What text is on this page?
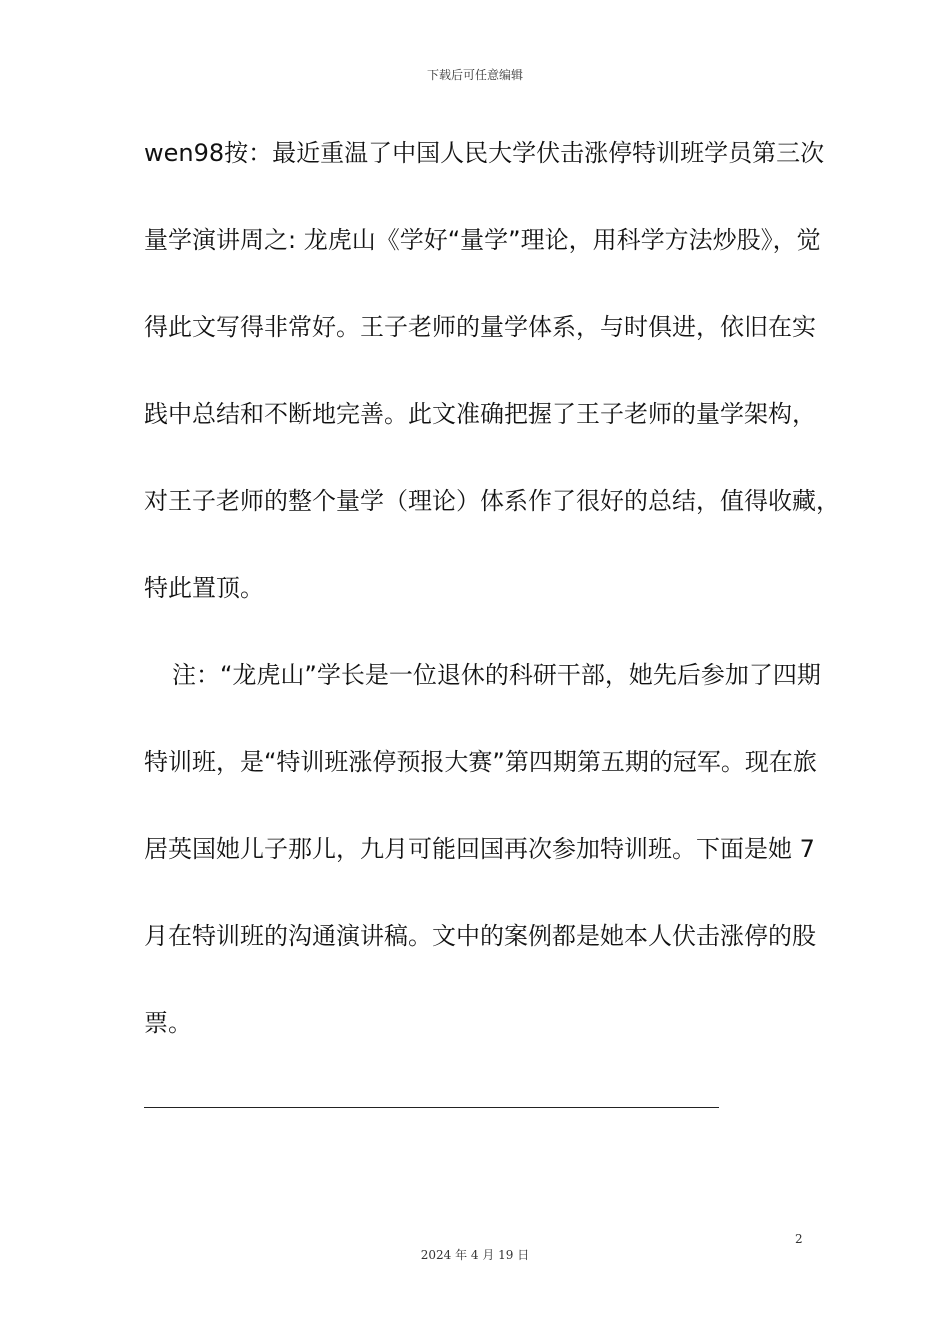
下载后可任意编辑
wen98按：最近重温了中国人民大学伏击涨停特训班学员第三次
量学演讲周之: 龙虎山《学好“量学”理论，用科学方法炒股》，觉
得此文写得非常好。王子老师的量学体系，与时俱进，依旧在实
践中总结和不断地完善。此文准确把握了王子老师的量学架构，
对王子老师的整个量学（理论）体系作了很好的总结，值得收藏，
特此置顶。
注：“龙虎山”学长是一位退休的科研干部，她先后参加了四期
特训班，是“特训班涨停预报大赛”第四期第五期的冠军。现在旅
居英国她儿子那儿，九月可能回国再次参加特训班。下面是她 7
月在特训班的沟通演讲稿。文中的案例都是她本人伏击涨停的股
票。
2
2024 年 4 月 19 日
